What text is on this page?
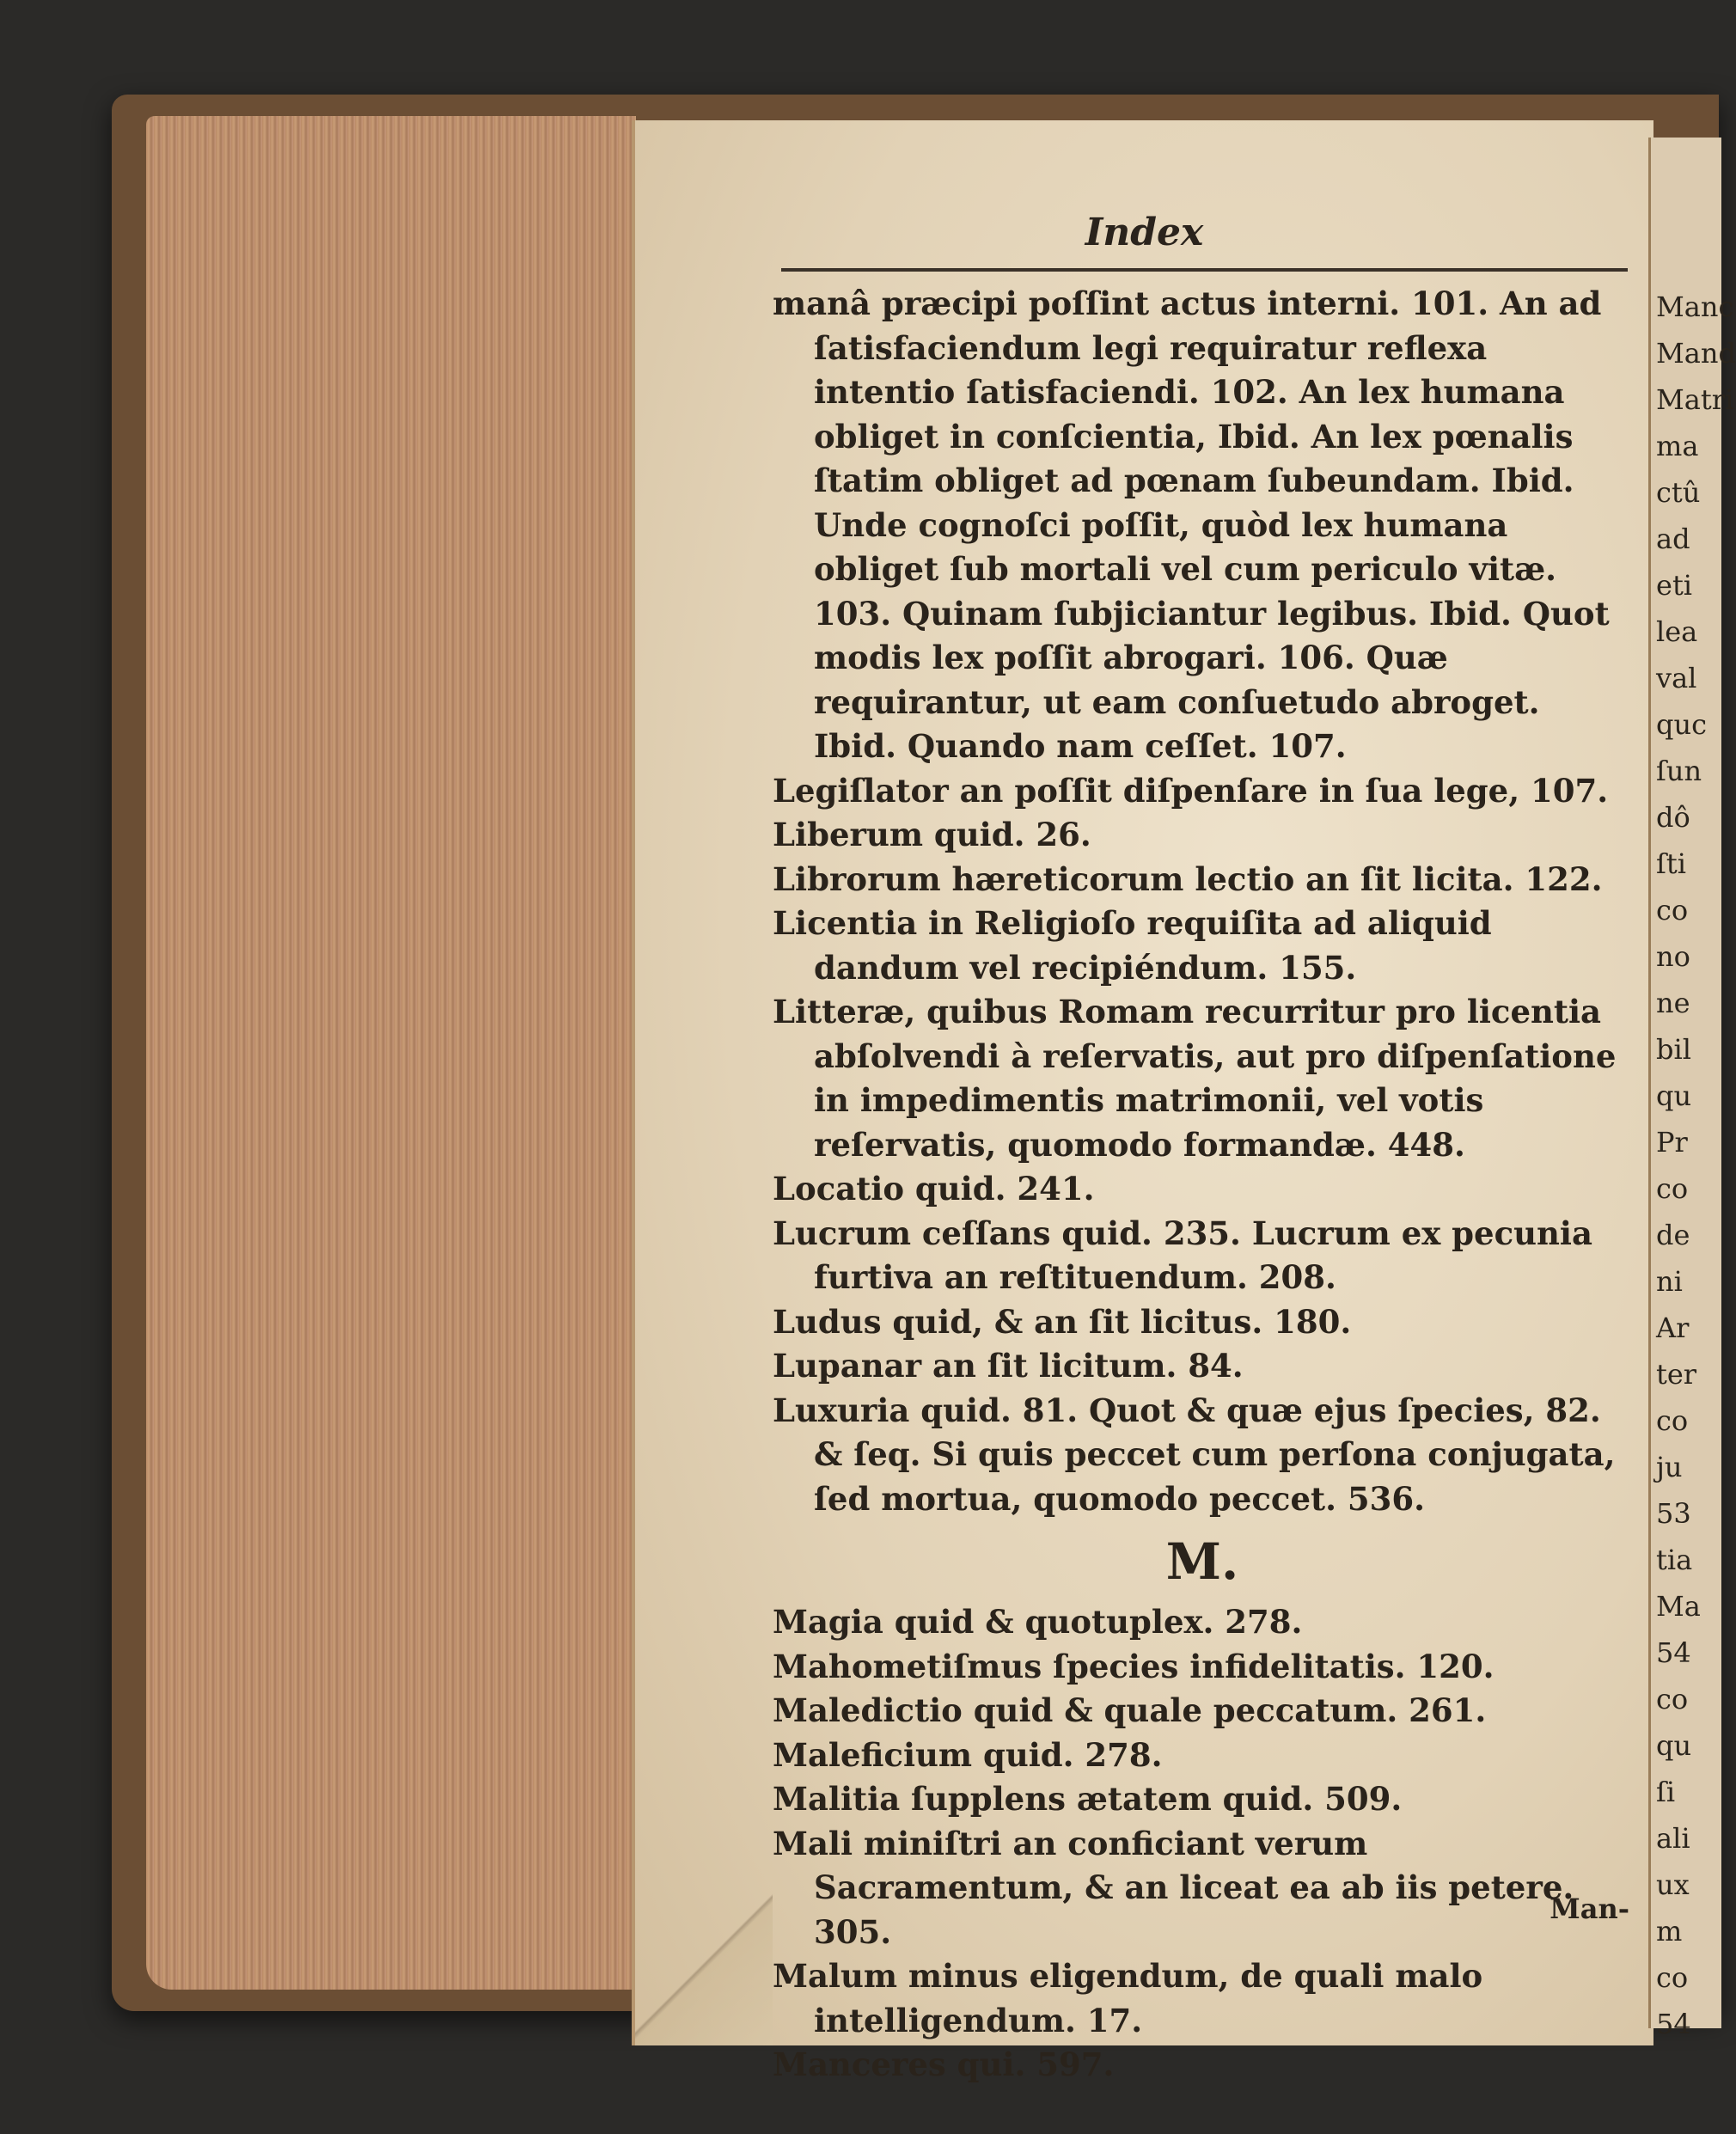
Index
manâ præcipi poſſint actus interni. 101. An ad ſatisfaciendum legi requiratur reflexa intentio ſatisfaciendi. 102. An lex humana obliget in conſcientia, Ibid. An lex pœnalis ſtatim obliget ad pœnam ſubeundam. Ibid. Unde cognoſci poſſit, quòd lex humana obliget ſub mortali vel cum periculo vitæ. 103. Quinam ſubjiciantur legibus. Ibid. Quot modis lex poſſit abrogari. 106. Quæ requirantur, ut eam conſuetudo abroget. Ibid. Quando nam ceſſet. 107.
Legiſlator an poſſit diſpenſare in ſua lege, 107.
Liberum quid. 26.
Librorum hæreticorum lectio an ſit licita. 122.
Licentia in Religioſo requiſita ad aliquid dandum vel recipiéndum. 155.
Litteræ, quibus Romam recurritur pro licentia abſolvendi à reſervatis, aut pro diſpenſatione in impedimentis matrimonii, vel votis reſervatis, quomodo formandæ. 448.
Locatio quid. 241.
Lucrum ceſſans quid. 235. Lucrum ex pecunia furtiva an reſtituendum. 208.
Ludus quid, & an ſit licitus. 180.
Lupanar an ſit licitum. 84.
Luxuria quid. 81. Quot & quæ ejus ſpecies, 82. & ſeq. Si quis peccet cum perſona conjugata, ſed mortua, quomodo peccet. 536.
M.
Magia quid & quotuplex. 278.
Mahometiſmus ſpecies infidelitatis. 120.
Maledictio quid & quale peccatum. 261.
Maleficium quid. 278.
Malitia ſupplens ætatem quid. 509.
Mali miniſtri an conficiant verum Sacramentum, & an liceat ea ab iis petere. 305.
Malum minus eligendum, de quali malo intelligendum. 17.
Manceres qui. 597.
Man-
Manc
Mand
Matri
ma
ctû
ad
eti
lea
val
quc
ſun
dô
ſti
co
no
ne
bil
qu
Pr
co
de
ni
Ar
ter
co
ju
53
tia
Ma
54
co
qu
ſi
ali
ux
m
co
54
